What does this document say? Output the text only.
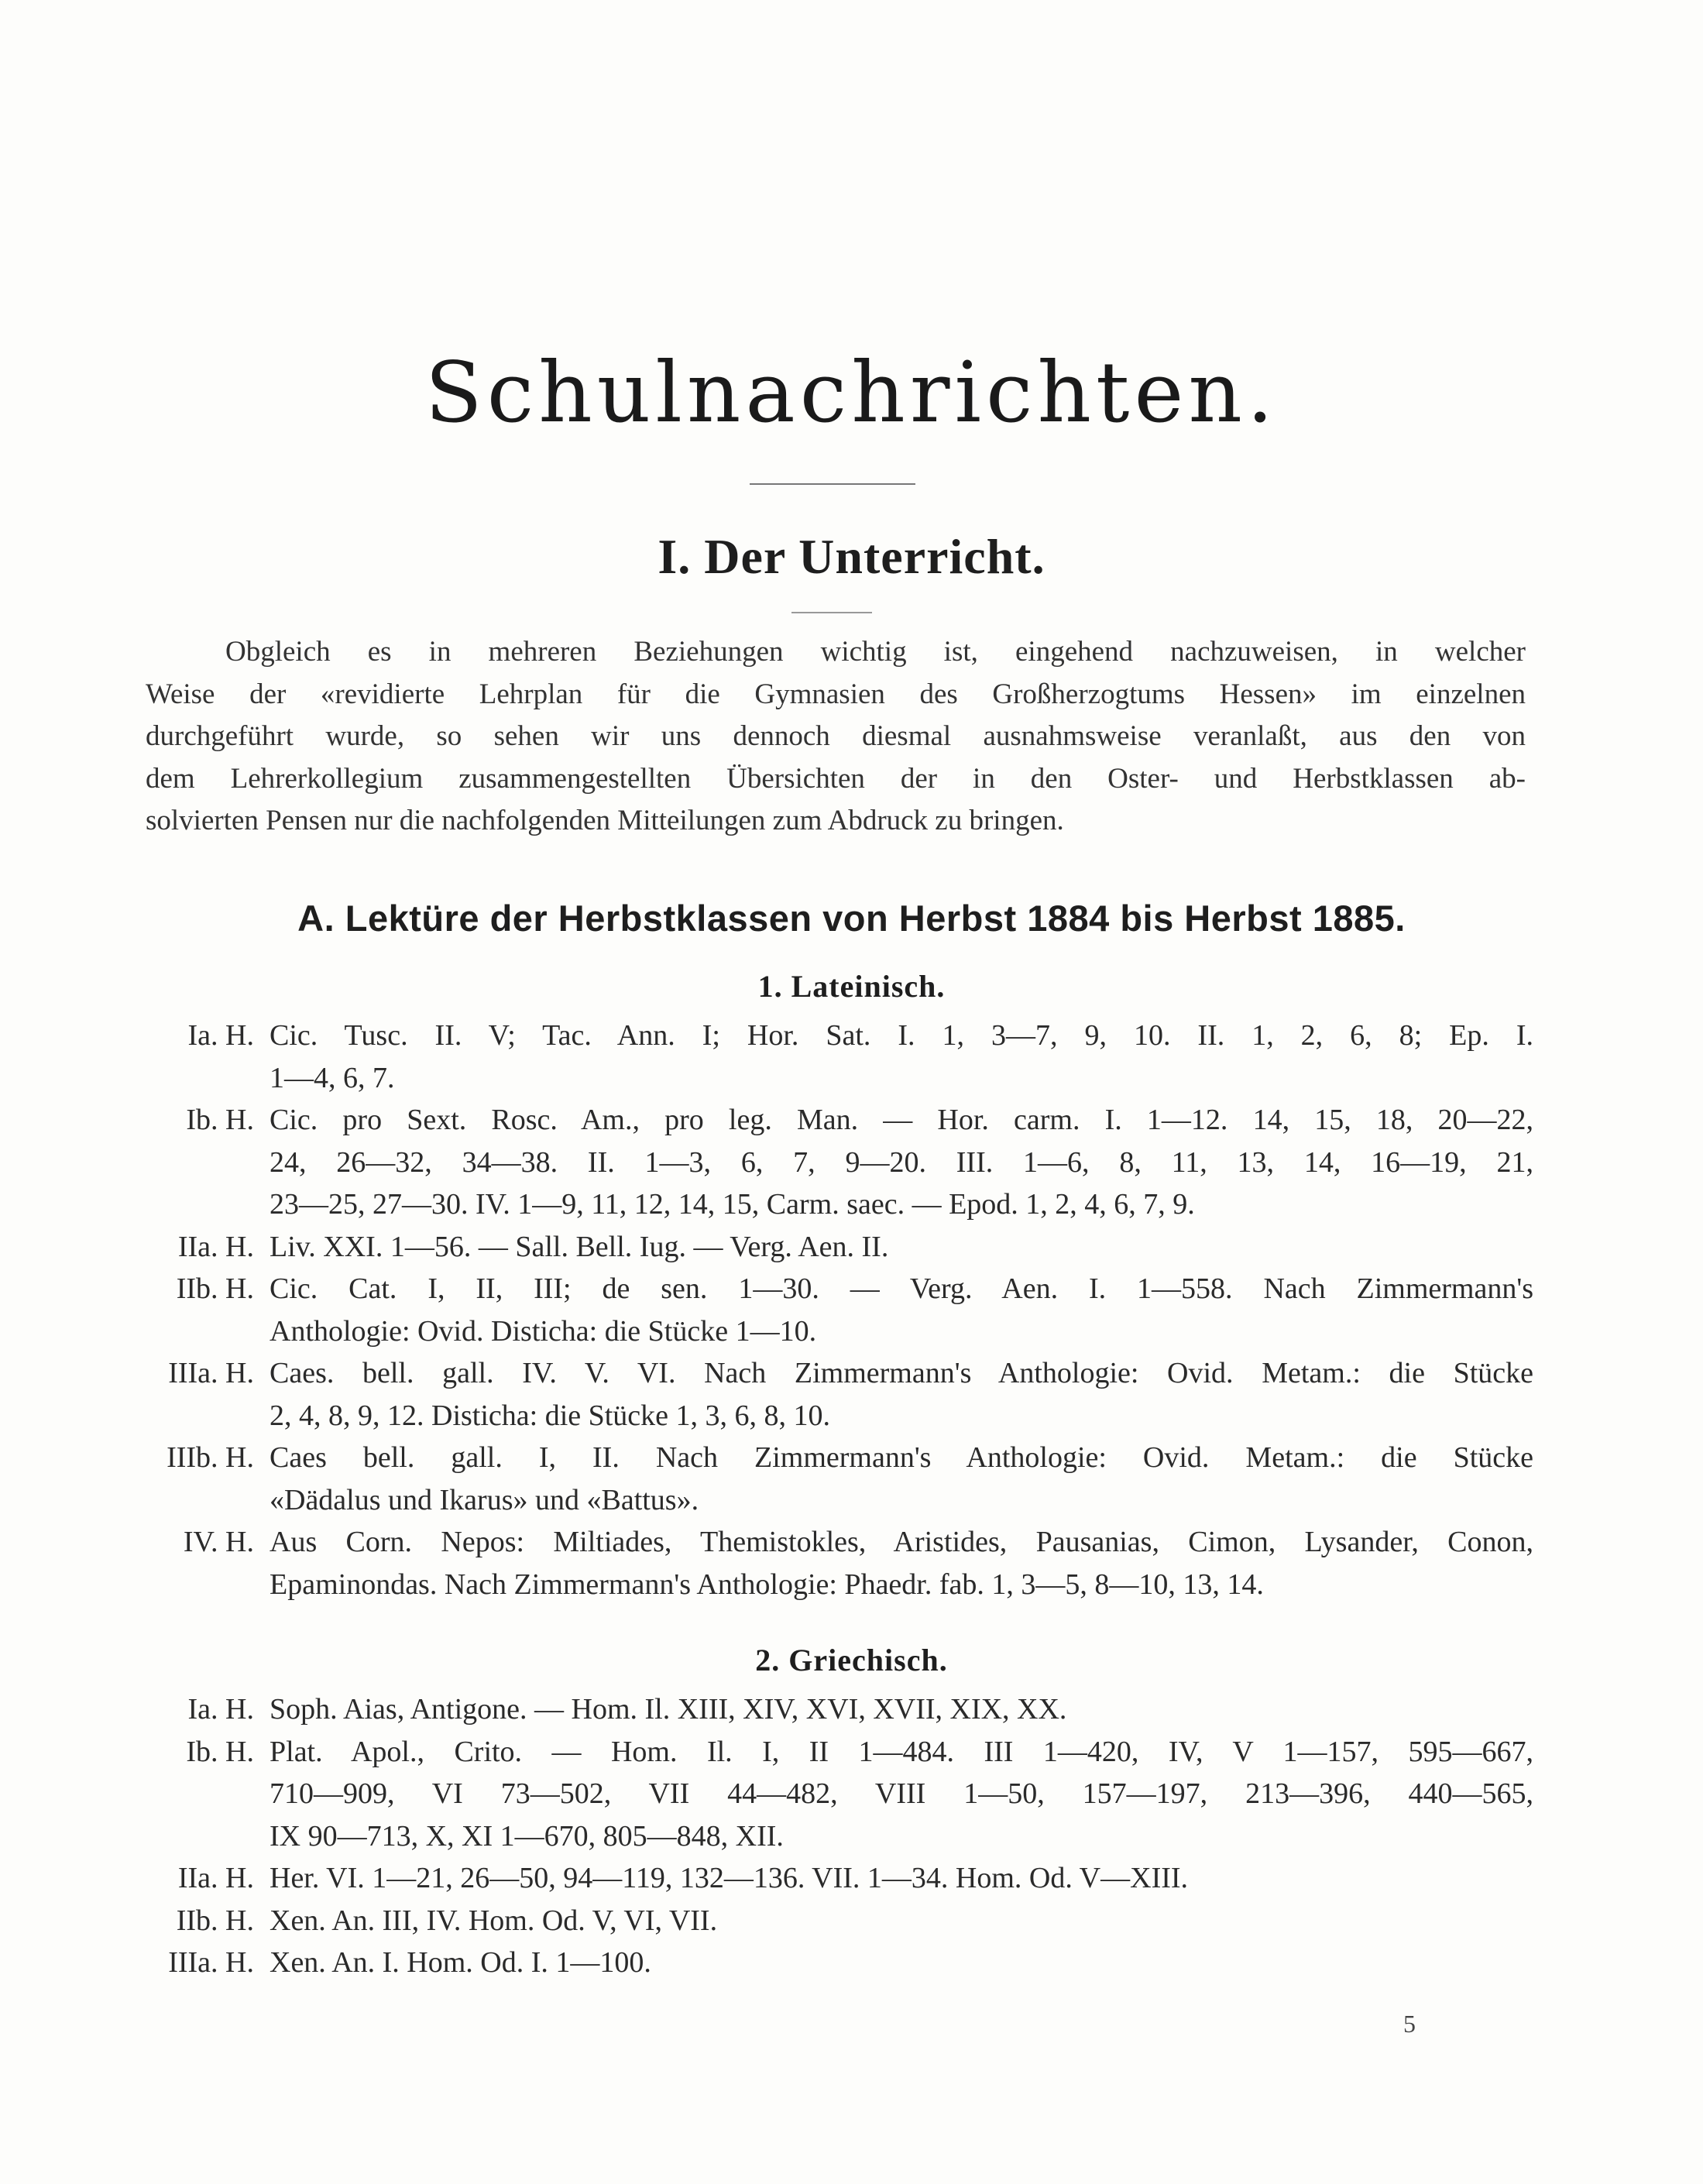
Schulnachrichten.
I. Der Unterricht.
Obgleich es in mehreren Beziehungen wichtig ist, eingehend nachzuweisen, in welcher
Weise der «revidierte Lehrplan für die Gymnasien des Großherzogtums Hessen» im einzelnen
durchgeführt wurde, so sehen wir uns dennoch diesmal ausnahmsweise veranlaßt, aus den von
dem Lehrerkollegium zusammengestellten Übersichten der in den Oster- und Herbstklassen ab-
solvierten Pensen nur die nachfolgenden Mitteilungen zum Abdruck zu bringen.
A. Lektüre der Herbstklassen von Herbst 1884 bis Herbst 1885.
1. Lateinisch.
Ia. H. Cic. Tusc. II. V; Tac. Ann. I; Hor. Sat. I. 1, 3—7, 9, 10. II. 1, 2, 6, 8; Ep. I.
1—4, 6, 7.
Ib. H. Cic. pro Sext. Rosc. Am., pro leg. Man. — Hor. carm. I. 1—12. 14, 15, 18, 20—22,
24, 26—32, 34—38. II. 1—3, 6, 7, 9—20. III. 1—6, 8, 11, 13, 14, 16—19, 21,
23—25, 27—30. IV. 1—9, 11, 12, 14, 15, Carm. saec. — Epod. 1, 2, 4, 6, 7, 9.
IIa. H. Liv. XXI. 1—56. — Sall. Bell. Iug. — Verg. Aen. II.
IIb. H. Cic. Cat. I, II, III; de sen. 1—30. — Verg. Aen. I. 1—558. Nach Zimmermann's
Anthologie: Ovid. Disticha: die Stücke 1—10.
IIIa. H. Caes. bell. gall. IV. V. VI. Nach Zimmermann's Anthologie: Ovid. Metam.: die Stücke
2, 4, 8, 9, 12. Disticha: die Stücke 1, 3, 6, 8, 10.
IIIb. H. Caes bell. gall. I, II. Nach Zimmermann's Anthologie: Ovid. Metam.: die Stücke
«Dädalus und Ikarus» und «Battus».
IV. H. Aus Corn. Nepos: Miltiades, Themistokles, Aristides, Pausanias, Cimon, Lysander, Conon,
Epaminondas. Nach Zimmermann's Anthologie: Phaedr. fab. 1, 3—5, 8—10, 13, 14.
2. Griechisch.
Ia. H. Soph. Aias, Antigone. — Hom. Il. XIII, XIV, XVI, XVII, XIX, XX.
Ib. H. Plat. Apol., Crito. — Hom. Il. I, II 1—484. III 1—420, IV, V 1—157, 595—667,
710—909, VI 73—502, VII 44—482, VIII 1—50, 157—197, 213—396, 440—565,
IX 90—713, X, XI 1—670, 805—848, XII.
IIa. H. Her. VI. 1—21, 26—50, 94—119, 132—136. VII. 1—34. Hom. Od. V—XIII.
IIb. H. Xen. An. III, IV. Hom. Od. V, VI, VII.
IIIa. H. Xen. An. I. Hom. Od. I. 1—100.
5
